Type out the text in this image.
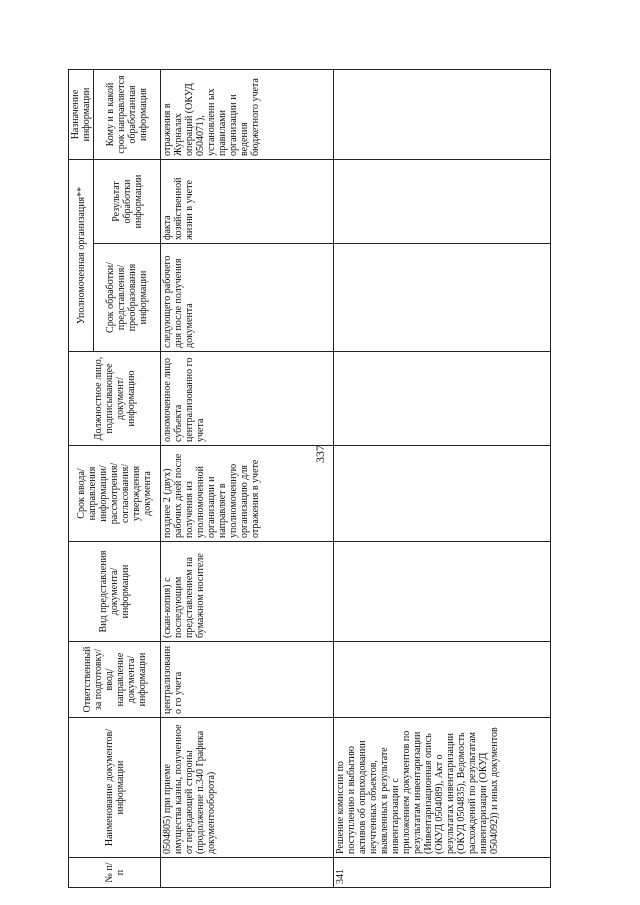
337
№ п/п	Наименование документов/информации	Ответственный за подготовку/ ввод/ направление документа/ информации	Вид представления документа/ информации	Срок ввода/ направления информации/ рассмотрения/ согласования/ утверждения документа	Должностное лицо, подписывающее документ/ информацию	Уполномоченная организация**		Назначение информации
						Срок обработки/ представления/ преобразования информации	Результат обработки информации	Кому и в какой срок направляется обработанная информация
	0504805) при приеме имущества казны, полученное от передающей стороны (продолжение п.340 Графика документооборота)	централизованно го учета	(скан-копия) с последующим представлением на бумажном носителе	позднее 2 (двух) рабочих дней после получения из уполномоченной организации и направляет в уполномоченную организацию для отражения в учете	олномоченное лицо субъекта централизованно го учета	следующего рабочего дня после получения документа	факта хозяйственной жизни в учете	отражения в Журналах операций (ОКУД 0504071), установленн ых правилами организации и ведения бюджетного учета
341	Решение комиссии по поступлению и выбытию активов об оприходовании неучтенных объектов, выявленных в результате инвентаризации с приложением документов по результатам инвентаризации (Инвентаризационная опись (ОКУД 0504089), Акт о результатах инвентаризации (ОКУД 0504835), Ведомость расхождений по результатам инвентаризации (ОКУД 0504092)) и иных документов							
